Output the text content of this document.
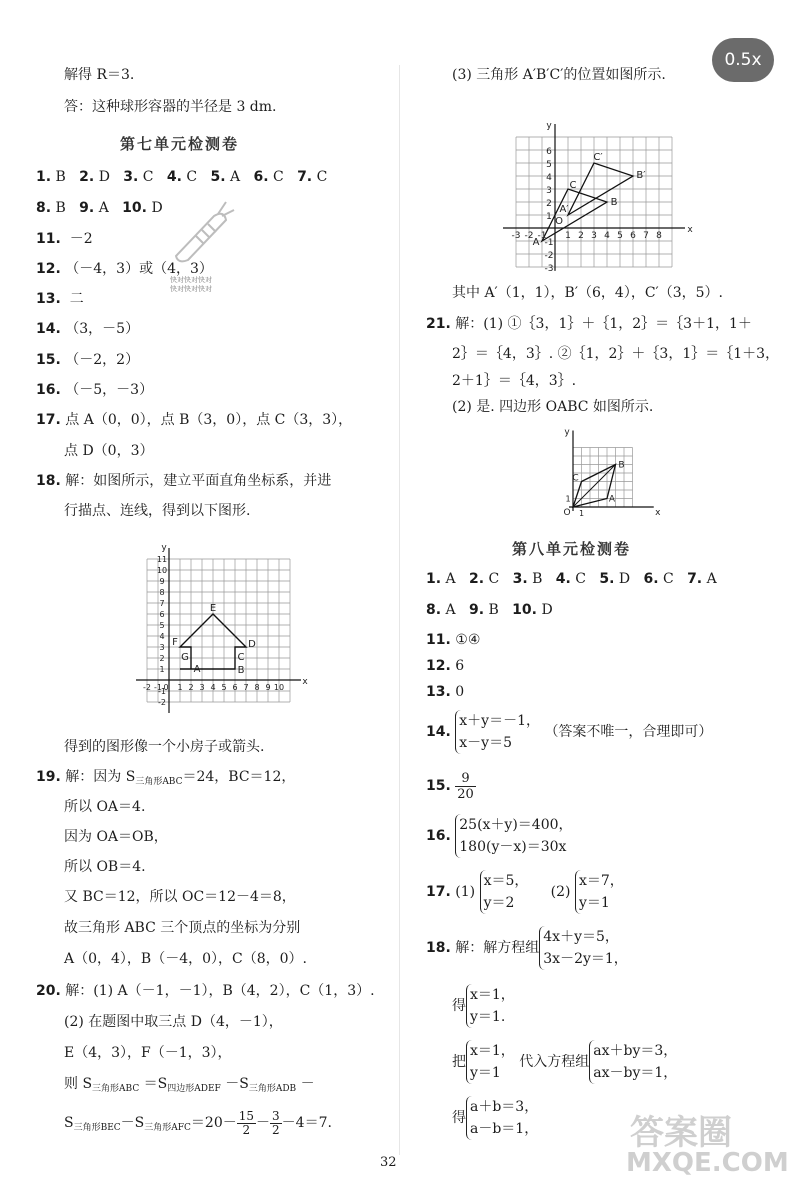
0.5x
解得 R＝3.
答：这种球形容器的半径是 3 dm.
第七单元检测卷
1. B 2. D 3. C 4. C 5. A 6. C 7. C
8. B 9. A 10. D
快对快对快对
快对快对快对
11. －2
12. （－4，3）或（4，3）
13. 二
14. （3，－5）
15. （－2，2）
16. （－5，－3）
17. 点 A（0，0），点 B（3，0），点 C（3，3），
点 D（0，3）
18. 解：如图所示，建立平面直角坐标系，并进
行描点、连线，得到以下图形.
x
y
E
F	D
G	C
A	B
-2 -1 0 1 2 3 4 5 6 7 8 9 10
11
10
9
8
7
6
5
4
3
2
1
-1
-2
得到的图形像一个小房子或箭头.
19. 解：因为 $S_{三角形ABC}=24$，BC＝12，
所以 OA＝4.
因为 OA＝OB，
所以 OB＝4.
又 BC＝12，所以 OC＝12－4＝8，
故三角形 ABC 三个顶点的坐标为分别
A（0，4），B（－4，0），C（8，0）.
20. 解：(1) A（－1，－1），B（4，2），C（1，3）.
(2) 在题图中取三点 D（4，－1），
E（4，3），F（－1，3），
则 $S_{三角形ABC} =S_{四边形ADEF} -S_{三角形ADB}$ －
$S_{三角形BEC}-S_{三角形AFC}=20- \frac{15}{2} - \frac{3}{2} -4=7$.
(3) 三角形 A′B′C′的位置如图所示.
x
y
C′
B′
A′
C
B
A
O
-3 -2 -1 1 2 3 4 5 6 7 8
6
5
4
3
2
1
-1
-2
-3
其中 A′（1，1），B′（6，4），C′（3，5）.
21. 解：(1) ①｛3，1｝＋｛1，2｝＝｛3＋1，1＋
2｝＝｛4，3｝. ②｛1，2｝＋｛3，1｝＝｛1＋3，
2＋1｝＝｛4，3｝.
(2) 是. 四边形 OABC 如图所示.
x
y
O
A
B
C
1
1
第八单元检测卷
1. A 2. C 3. B 4. C 5. D 6. C 7. A
8. A 9. B 10. D
11. ①④
12. 6
13. 0
14.
x＋y＝－1，
x－y＝5
（答案不唯一，合理即可）
15. $\frac{9}{20}$
16.
25(x＋y)＝400，
180(y－x)＝30x
17. (1)
x＝5，
y＝2
(2)
x＝7，
y＝1
18. 解：解方程组
4x＋y＝5，
3x－2y＝1，
得
x＝1，
y＝1.
把
x＝1，
y＝1
代入方程组
ax＋by＝3，
ax－by＝1，
得
a＋b＝3，
a－b＝1，	答案圈
MXQE.COM
32
